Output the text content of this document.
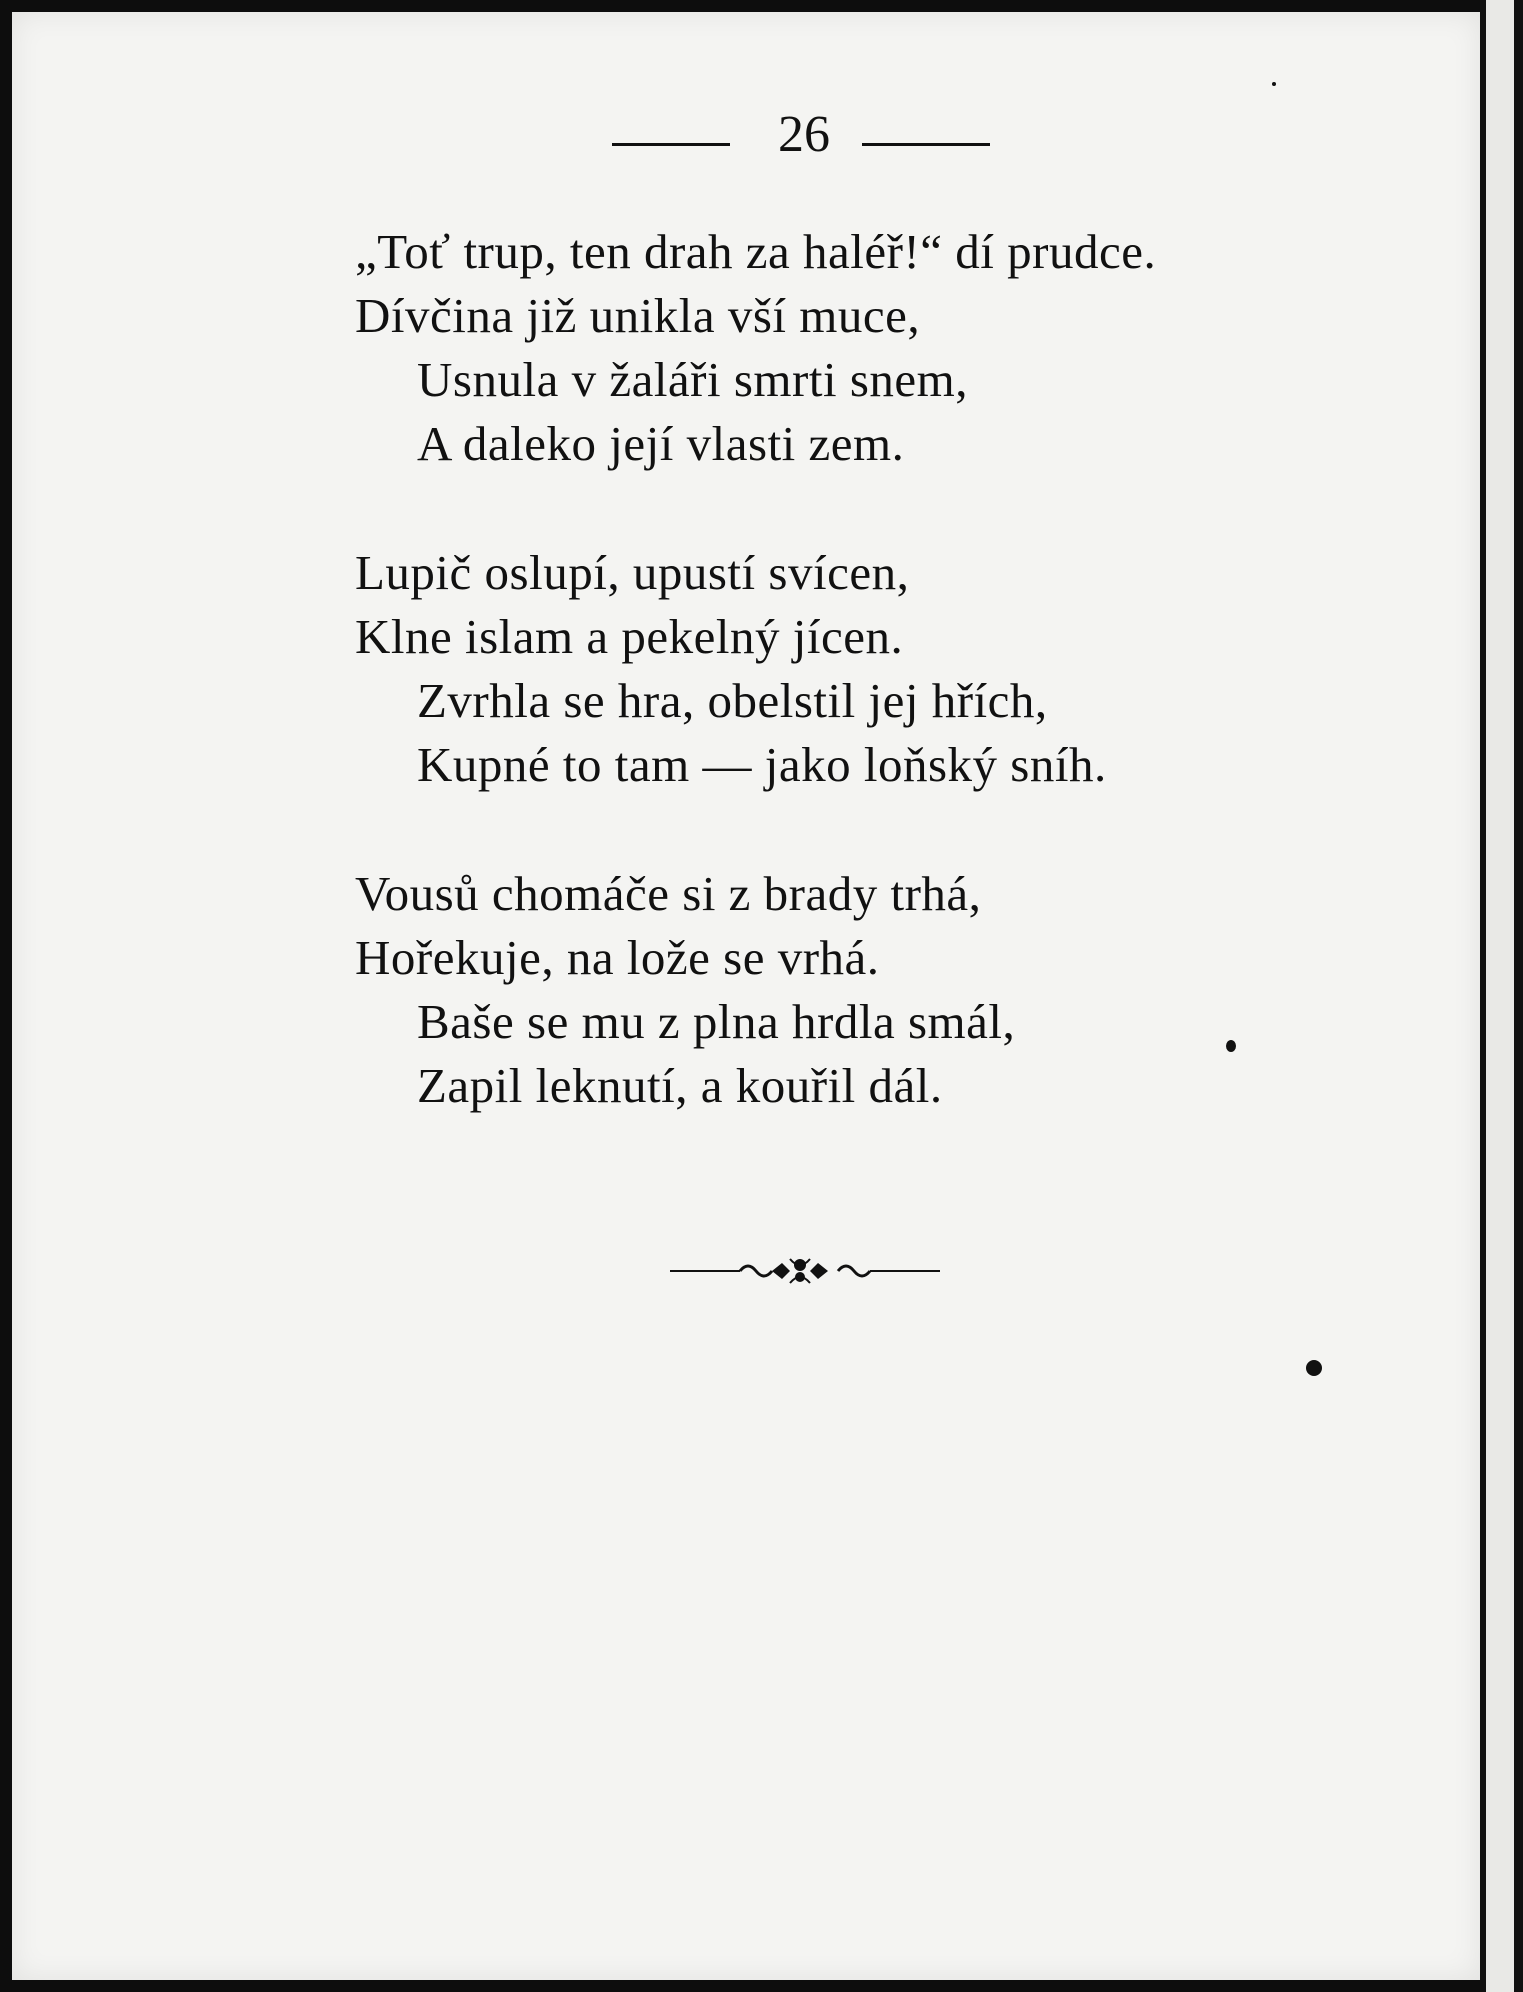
26
„Toť trup, ten drah za haléř!“ dí prudce.
Dívčina již unikla vší muce,
Usnula v žaláři smrti snem,
A daleko její vlasti zem.
Lupič oslupí, upustí svícen,
Klne islam a pekelný jícen.
Zvrhla se hra, obelstil jej hřích,
Kupné to tam — jako loňský sníh.
Vousů chomáče si z brady trhá,
Hořekuje, na lože se vrhá.
Baše se mu z plna hrdla smál,
Zapil leknutí, a kouřil dál.
